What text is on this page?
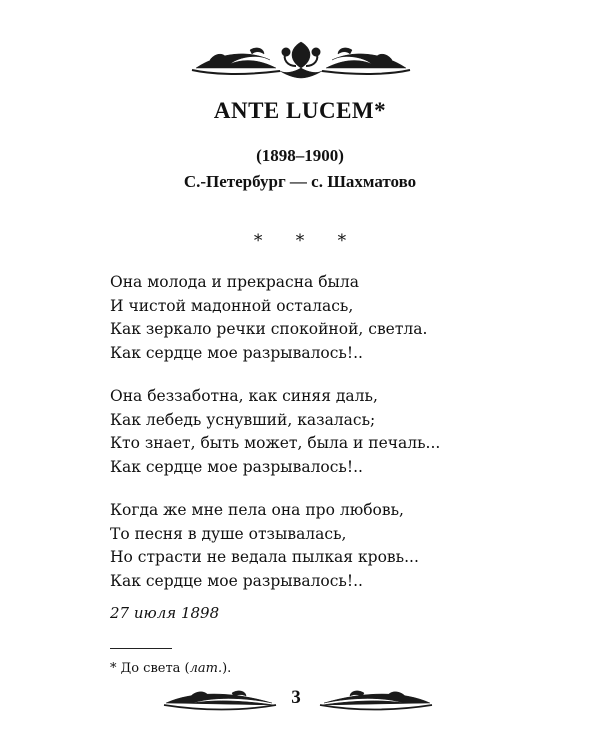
ANTE LUCEM*
(1898–1900)
С.-Петербург — с. Шахматово
* * *
Она молода и прекрасна была
И чистой мадонной осталась,
Как зеркало речки спокойной, светла.
Как сердце мое разрывалось!..
Она беззаботна, как синяя даль,
Как лебедь уснувший, казалась;
Кто знает, быть может, была и печаль...
Как сердце мое разрывалось!..
Когда же мне пела она про любовь,
То песня в душе отзывалась,
Но страсти не ведала пылкая кровь...
Как сердце мое разрывалось!..
27 июля 1898
* До света (лат.).
3
